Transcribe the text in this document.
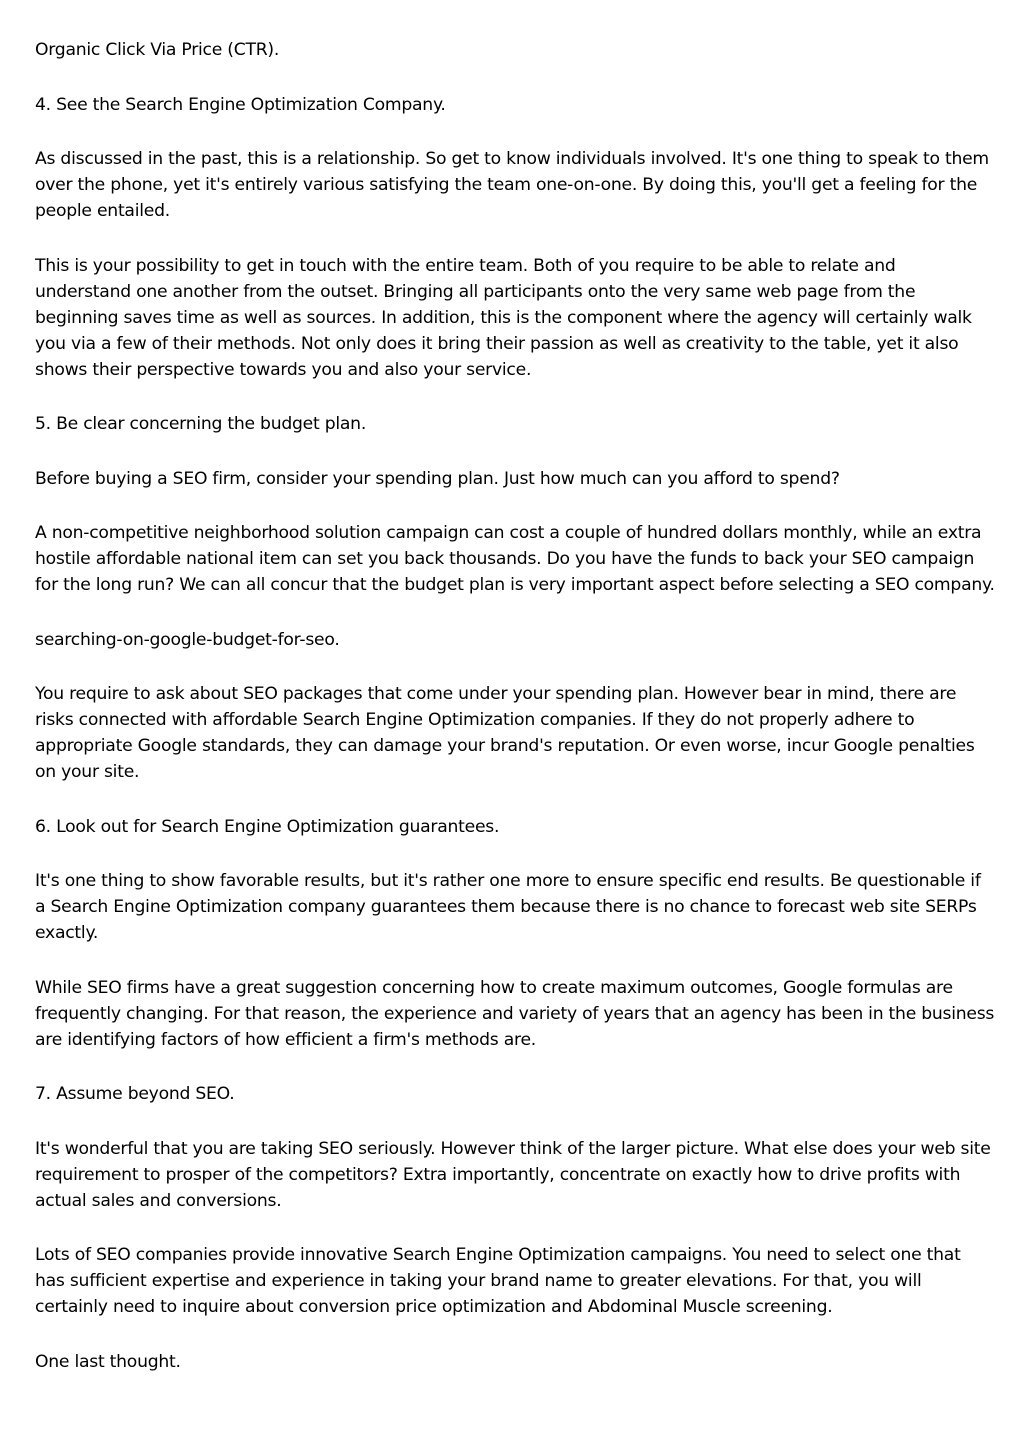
Organic Click Via Price (CTR).

4. See the Search Engine Optimization Company.

As discussed in the past, this is a relationship. So get to know individuals involved. It's one thing to speak to them over the phone, yet it's entirely various satisfying the team one-on-one. By doing this, you'll get a feeling for the people entailed.

This is your possibility to get in touch with the entire team. Both of you require to be able to relate and understand one another from the outset. Bringing all participants onto the very same web page from the beginning saves time as well as sources. In addition, this is the component where the agency will certainly walk you via a few of their methods. Not only does it bring their passion as well as creativity to the table, yet it also shows their perspective towards you and also your service.

5. Be clear concerning the budget plan.

Before buying a SEO firm, consider your spending plan. Just how much can you afford to spend?

A non-competitive neighborhood solution campaign can cost a couple of hundred dollars monthly, while an extra hostile affordable national item can set you back thousands. Do you have the funds to back your SEO campaign for the long run? We can all concur that the budget plan is very important aspect before selecting a SEO company.

searching-on-google-budget-for-seo.

You require to ask about SEO packages that come under your spending plan. However bear in mind, there are risks connected with affordable Search Engine Optimization companies. If they do not properly adhere to appropriate Google standards, they can damage your brand's reputation. Or even worse, incur Google penalties on your site.

6. Look out for Search Engine Optimization guarantees.

It's one thing to show favorable results, but it's rather one more to ensure specific end results. Be questionable if a Search Engine Optimization company guarantees them because there is no chance to forecast web site SERPs exactly.

While SEO firms have a great suggestion concerning how to create maximum outcomes, Google formulas are frequently changing. For that reason, the experience and variety of years that an agency has been in the business are identifying factors of how efficient a firm's methods are.

7. Assume beyond SEO.

It's wonderful that you are taking SEO seriously. However think of the larger picture. What else does your web site requirement to prosper of the competitors? Extra importantly, concentrate on exactly how to drive profits with actual sales and conversions.

Lots of SEO companies provide innovative Search Engine Optimization campaigns. You need to select one that has sufficient expertise and experience in taking your brand name to greater elevations. For that, you will certainly need to inquire about conversion price optimization and Abdominal Muscle screening.

One last thought.
